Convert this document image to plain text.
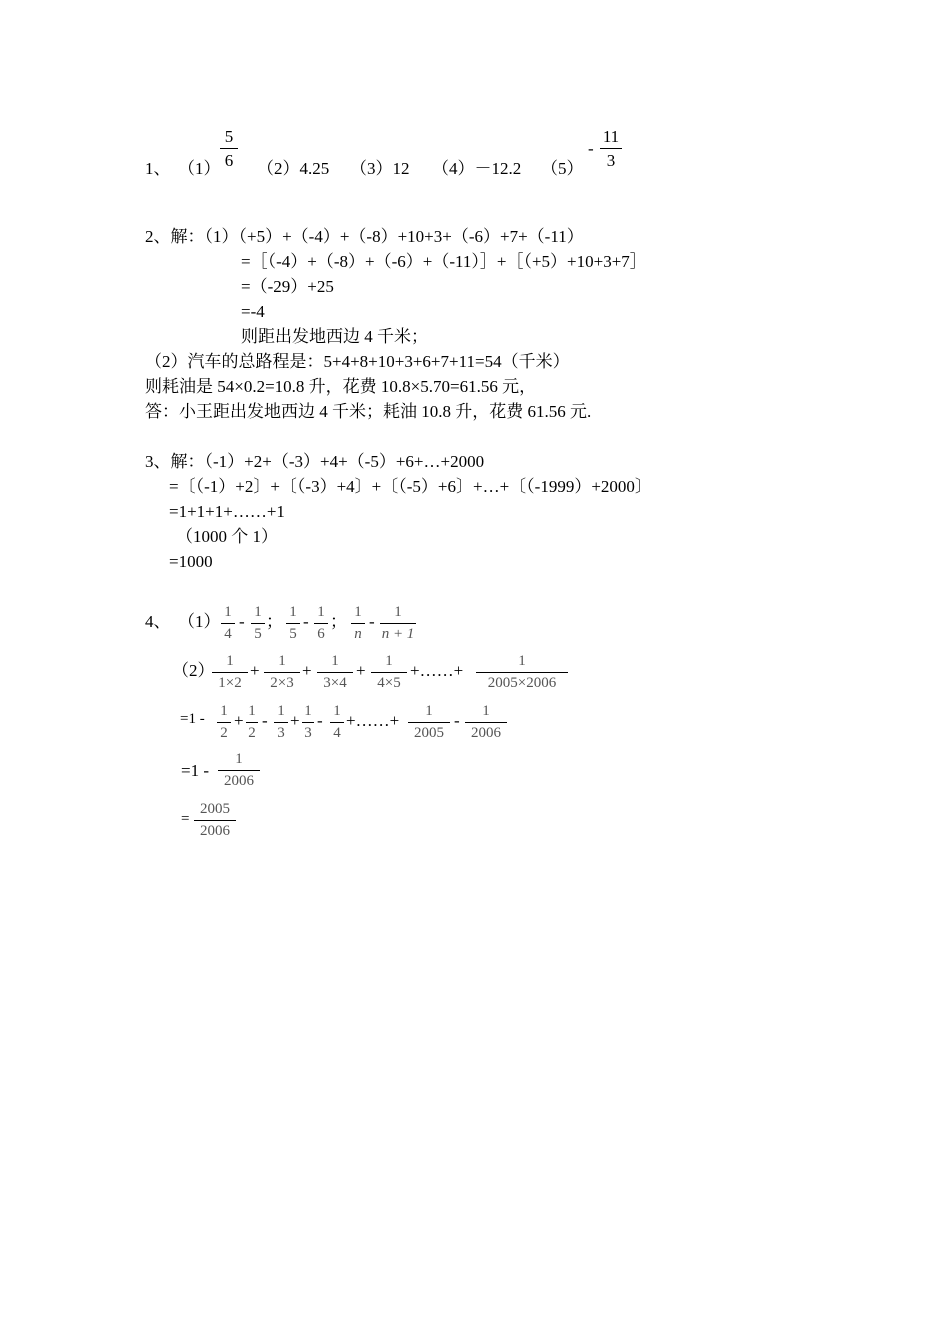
1、 （1）
5
6 （2）4.25 （3）12 （4）－12.2 （5）
-
11
3
2、解：（1）（+5）+（-4）+（-8）+10+3+（-6）+7+（-11）
=［（-4）+（-8）+（-6）+（-11）］+［（+5）+10+3+7］
=（-29）+25
=-4
则距出发地西边 4 千米；
（2）汽车的总路程是：5+4+8+10+3+6+7+11=54（千米）
则耗油是 54×0.2=10.8 升，花费 10.8×5.70=61.56 元，
答：小王距出发地西边 4 千米；耗油 10.8 升，花费 61.56 元.
3、解：（-1）+2+（-3）+4+（-5）+6+…+2000
=〔（-1）+2〕+〔（-3）+4〕+〔（-5）+6〕+…+〔（-1999）+2000〕
=1+1+1+……+1
（1000 个 1）
=1000
4、 （1） 1
4
- 1
5
； 1
5
- 1
6
； 1
n
-	1
n + 1
（2） 1
1×2
+	1
2×3
+	1
3×4
+	1
4×5
+……+	1
2005×2006
=1 - 1
2
+ 1
2
- 1
3
+ 1
3
- 1
4
+……+	1
2005
-	1
2006
=1 -
1
2006
=
2005
2006
